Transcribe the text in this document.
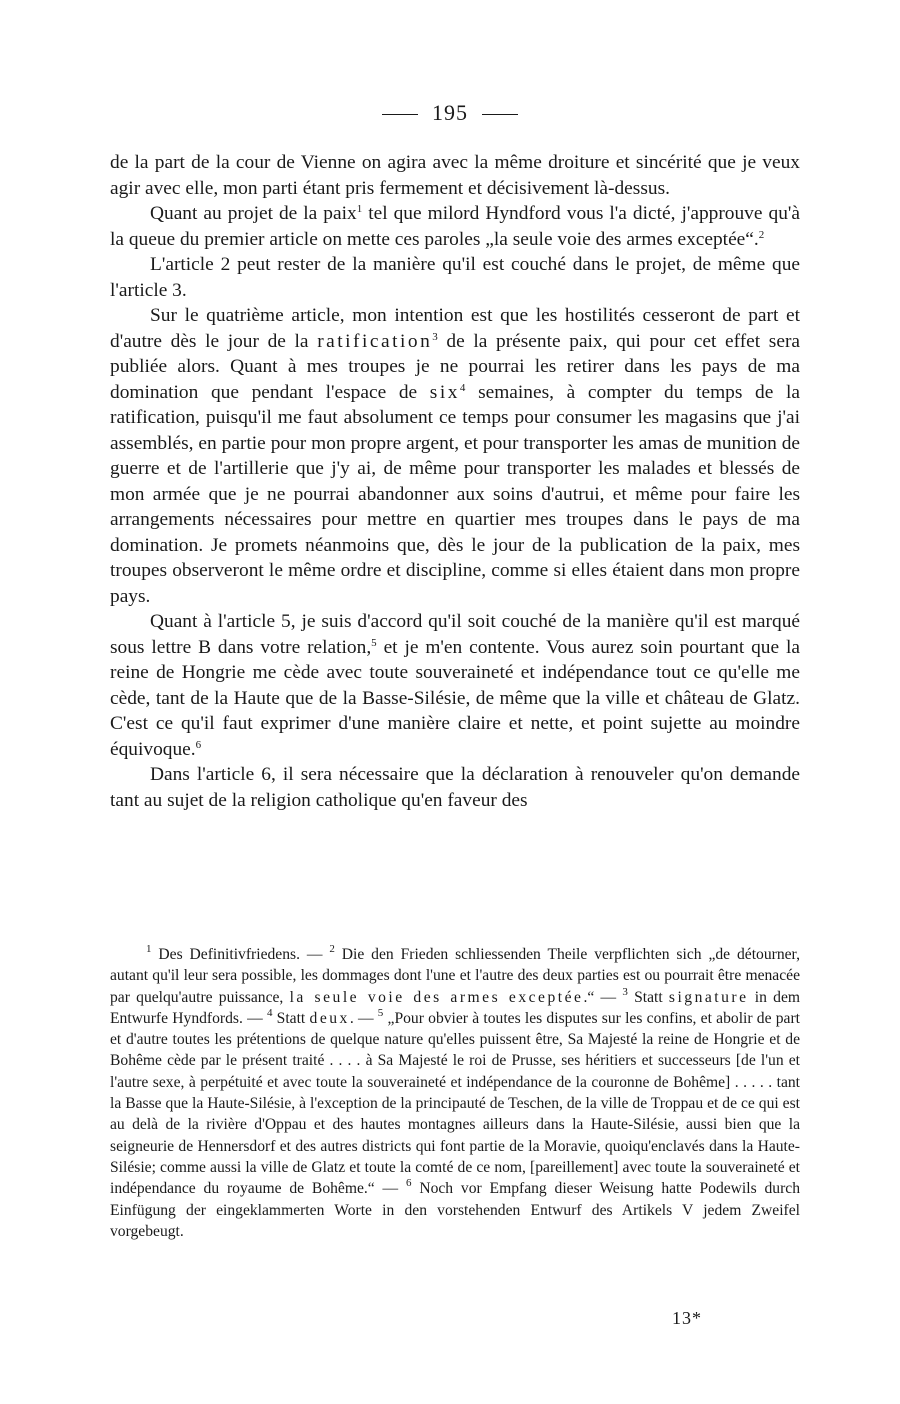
195

de la part de la cour de Vienne on agira avec la même droiture et sincérité que je veux agir avec elle, mon parti étant pris fermement et décisivement là-dessus.

Quant au projet de la paix$^1$ tel que milord Hyndford vous l'a dicté, j'approuve qu'à la queue du premier article on mette ces paroles „la seule voie des armes exceptée“.$^2$

L'article 2 peut rester de la manière qu'il est couché dans le projet, de même que l'article 3.

Sur le quatrième article, mon intention est que les hostilités cesseront de part et d'autre dès le jour de la ratification$^3$ de la présente paix, qui pour cet effet sera publiée alors. Quant à mes troupes je ne pourrai les retirer dans les pays de ma domination que pendant l'espace de six$^4$ semaines, à compter du temps de la ratification, puisqu'il me faut absolument ce temps pour consumer les magasins que j'ai assemblés, en partie pour mon propre argent, et pour transporter les amas de munition de guerre et de l'artillerie que j'y ai, de même pour transporter les malades et blessés de mon armée que je ne pourrai abandonner aux soins d'autrui, et même pour faire les arrangements nécessaires pour mettre en quartier mes troupes dans le pays de ma domination. Je promets néanmoins que, dès le jour de la publication de la paix, mes troupes observeront le même ordre et discipline, comme si elles étaient dans mon propre pays.

Quant à l'article 5, je suis d'accord qu'il soit couché de la manière qu'il est marqué sous lettre B dans votre relation,$^5$ et je m'en contente. Vous aurez soin pourtant que la reine de Hongrie me cède avec toute souveraineté et indépendance tout ce qu'elle me cède, tant de la Haute que de la Basse-Silésie, de même que la ville et château de Glatz. C'est ce qu'il faut exprimer d'une manière claire et nette, et point sujette au moindre équivoque.$^6$

Dans l'article 6, il sera nécessaire que la déclaration à renouveler qu'on demande tant au sujet de la religion catholique qu'en faveur des

$^1$ Des Definitivfriedens. — $^2$ Die den Frieden schliessenden Theile verpflichten sich „de détourner, autant qu'il leur sera possible, les dommages dont l'une et l'autre des deux parties est ou pourrait être menacée par quelqu'autre puissance, la seule voie des armes exceptée.“ — $^3$ Statt signature in dem Entwurfe Hyndfords. — $^4$ Statt deux. — $^5$ „Pour obvier à toutes les disputes sur les confins, et abolir de part et d'autre toutes les prétentions de quelque nature qu'elles puissent être, Sa Majesté la reine de Hongrie et de Bohême cède par le présent traité . . . . à Sa Majesté le roi de Prusse, ses héritiers et successeurs [de l'un et l'autre sexe, à perpétuité et avec toute la souveraineté et indépendance de la couronne de Bohême] . . . . . tant la Basse que la Haute-Silésie, à l'exception de la principauté de Teschen, de la ville de Troppau et de ce qui est au delà de la rivière d'Oppau et des hautes montagnes ailleurs dans la Haute-Silésie, aussi bien que la seigneurie de Hennersdorf et des autres districts qui font partie de la Moravie, quoiqu'enclavés dans la Haute-Silésie; comme aussi la ville de Glatz et toute la comté de ce nom, [pareillement] avec toute la souveraineté et indépendance du royaume de Bohême.“ — $^6$ Noch vor Empfang dieser Weisung hatte Podewils durch Einfügung der eingeklammerten Worte in den vorstehenden Entwurf des Artikels V jedem Zweifel vorgebeugt.

13*
